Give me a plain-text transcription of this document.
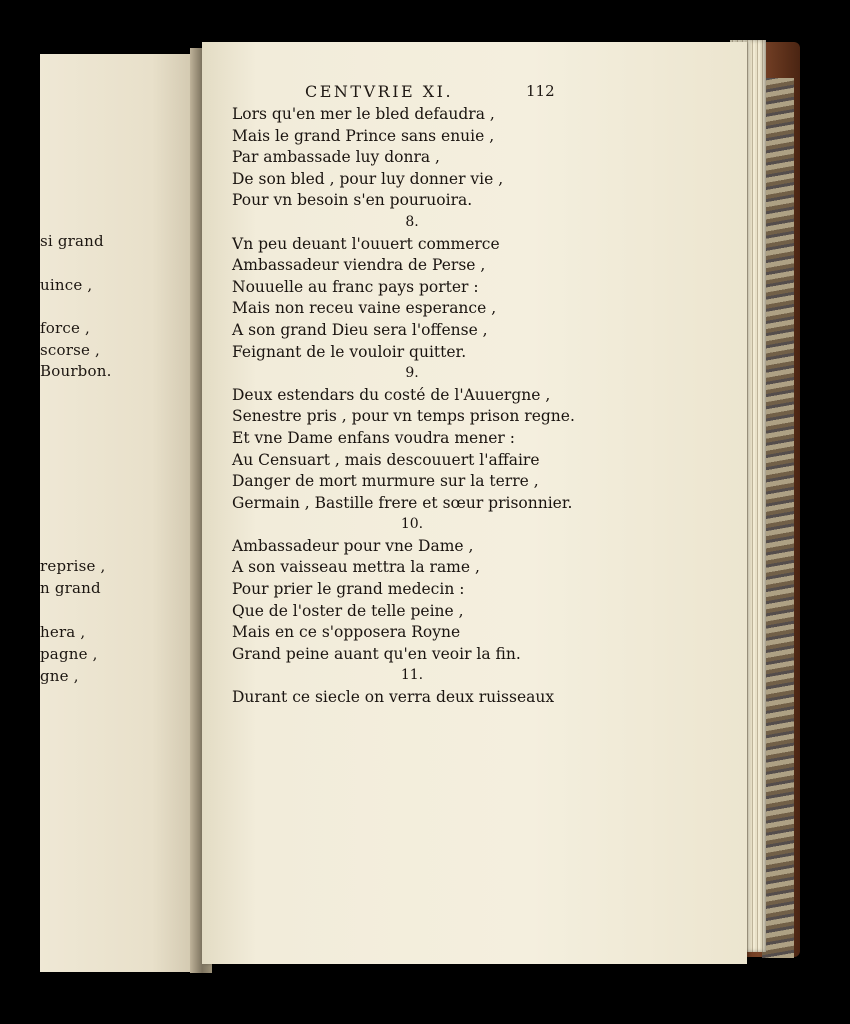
si grand
uince ,
force ,
scorse ,
Bourbon.
reprise ,
n grand
hera ,
pagne ,
gne ,
CENTVRIE XI.	112
Lors qu'en mer le bled defaudra ,
Mais le grand Prince sans enuie ,
Par ambassade luy donra ,
De son bled , pour luy donner vie ,
Pour vn besoin s'en pouruoira.
8.
Vn peu deuant l'ouuert commerce
Ambassadeur viendra de Perse ,
Nouuelle au franc pays porter :
Mais non receu vaine esperance ,
A son grand Dieu sera l'offense ,
Feignant de le vouloir quitter.
9.
Deux estendars du costé de l'Auuergne ,
Senestre pris , pour vn temps prison regne.
Et vne Dame enfans voudra mener :
Au Censuart , mais descouuert l'affaire
Danger de mort murmure sur la terre ,
Germain , Bastille frere et sœur prisonnier.
10.
Ambassadeur pour vne Dame ,
A son vaisseau mettra la rame ,
Pour prier le grand medecin :
Que de l'oster de telle peine ,
Mais en ce s'opposera Royne
Grand peine auant qu'en veoir la fin.
11.
Durant ce siecle on verra deux ruisseaux
